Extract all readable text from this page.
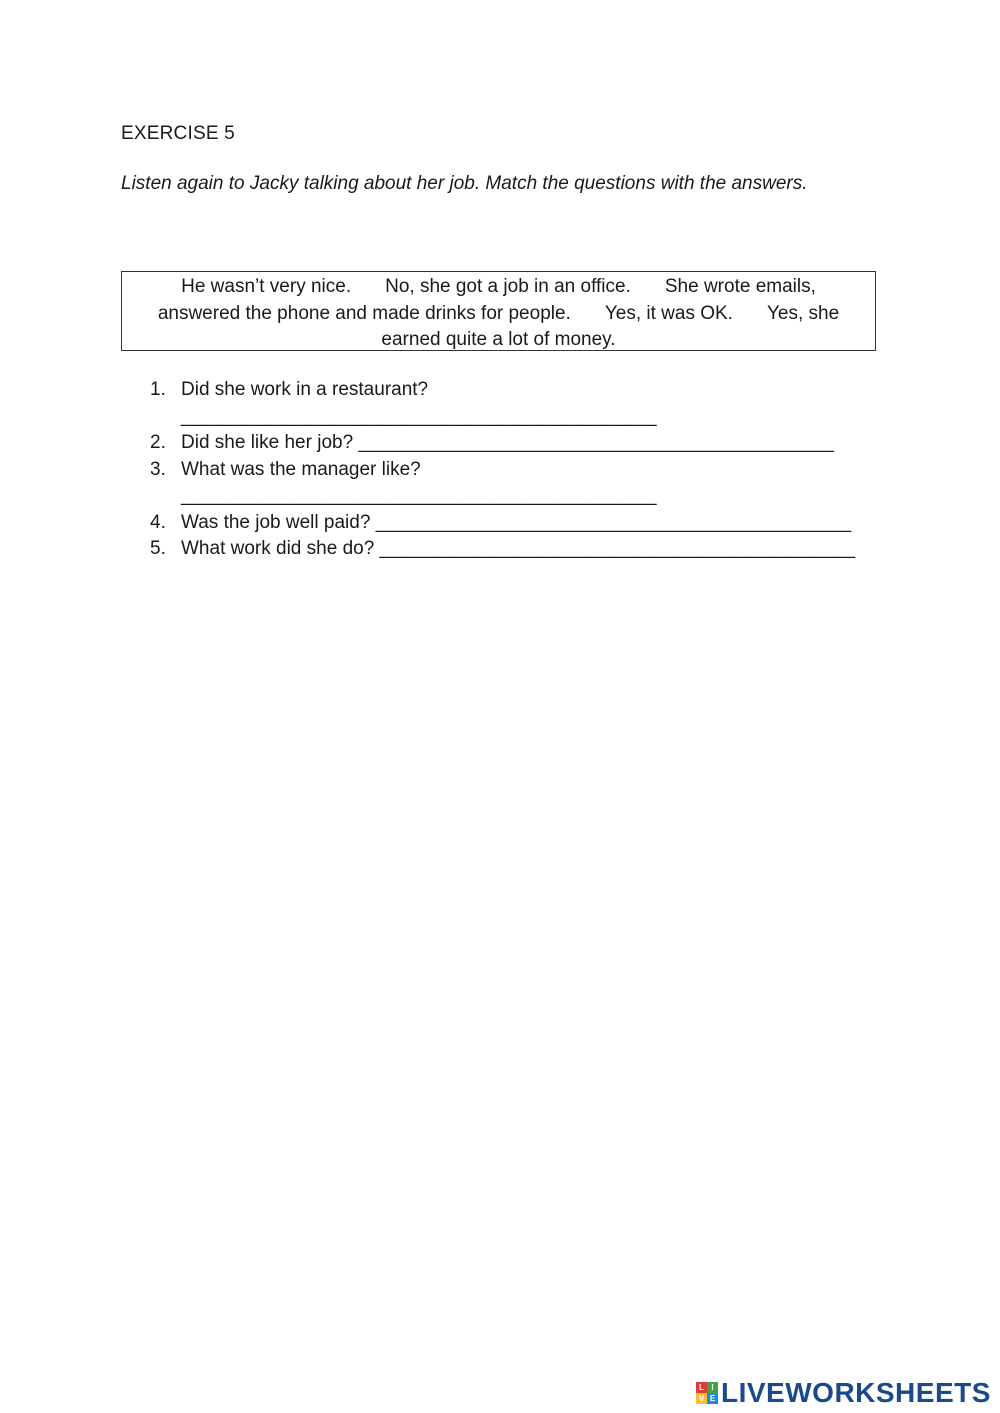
EXERCISE 5
Listen again to Jacky talking about her job. Match the questions with the answers.
He wasn’t very nice. No, she got a job in an office. She wrote emails, answered the phone and made drinks for people. Yes, it was OK. Yes, she earned quite a lot of money.
1. Did she work in a restaurant?
_____________________________________________
2. Did she like her job? _____________________________________________
3. What was the manager like? _____________________________________________
4. Was the job well paid? _____________________________________________
5. What work did she do? _____________________________________________
L I
V E LIVEWORKSHEETS
